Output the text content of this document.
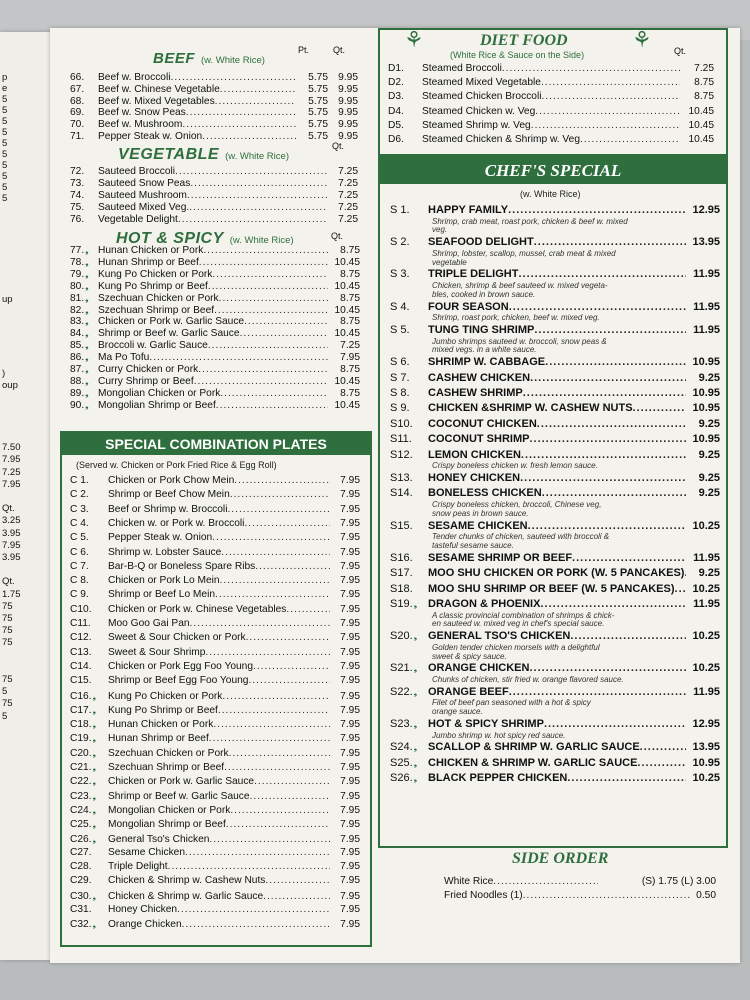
p
e
5
5
5
5
5
5
5
5
5
5
up
)
oup
7.50
7.95
7.25
7.95
Qt.
3.25
3.95
7.95
3.95
Qt.
1.75
75
75
75
75
75
5
75
5
BEEF (w. White Rice)
Pt.	Qt.
66.	Beef w. Broccoli .....	5.75 9.95
67.	Beef w. Chinese Vegetable .....	5.75 9.95
68.	Beef w. Mixed Vegetables .....	5.75 9.95
69.	Beef w. Snow Peas .....	5.75 9.95
70.	Beef w. Mushroom .....	5.75 9.95
71.	Pepper Steak w. Onion .....	5.75 9.95
VEGETABLE (w. White Rice)
Qt.
72.	Sauteed Broccoli .....	7.25
73.	Sauteed Snow Peas .....	7.25
74.	Sauteed Mushroom .....	7.25
75.	Sauteed Mixed Veg. .....	7.25
76.	Vegetable Delight .....	7.25
HOT & SPICY (w. White Rice)	Qt.
77.❟ Hunan Chicken or Pork .....	8.75
78.❟ Hunan Shrimp or Beef .....	10.45
79.❟ Kung Po Chicken or Pork .....	8.75
80.❟ Kung Po Shrimp or Beef .....	10.45
81.❟ Szechuan Chicken or Pork .....	8.75
82.❟ Szechuan Shrimp or Beef .....	10.45
83.❟ Chicken or Pork w. Garlic Sauce .....	8.75
84.❟ Shrimp or Beef w. Garlic Sauce .....	10.45
85.❟ Broccoli w. Garlic Sauce .....	7.25
86.❟ Ma Po Tofu .....	7.95
87.❟ Curry Chicken or Pork .....	8.75
88.❟ Curry Shrimp or Beef .....	10.45
89.❟ Mongolian Chicken or Pork .....	8.75
90.❟ Mongolian Shrimp or Beef .....	10.45
SPECIAL COMBINATION PLATES
(Served w. Chicken or Pork Fried Rice & Egg Roll)
C 1.	Chicken or Pork Chow Mein .....	7.95
C 2.	Shrimp or Beef Chow Mein .....	7.95
C 3.	Beef or Shrimp w. Broccoli .....	7.95
C 4.	Chicken w. or Pork w. Broccoli .....	7.95
C 5.	Pepper Steak w. Onion .....	7.95
C 6.	Shrimp w. Lobster Sauce .....	7.95
C 7.	Bar-B-Q or Boneless Spare Ribs .....	7.95
C 8.	Chicken or Pork Lo Mein .....	7.95
C 9.	Shrimp or Beef Lo Mein .....	7.95
C10.	Chicken or Pork w. Chinese Vegetables .....	7.95
C11.	Moo Goo Gai Pan .....	7.95
C12.	Sweet & Sour Chicken or Pork .....	7.95
C13.	Sweet & Sour Shrimp .....	7.95
C14.	Chicken or Pork Egg Foo Young .....	7.95
C15.	Shrimp or Beef Egg Foo Young .....	7.95
C16.❟	Kung Po Chicken or Pork .....	7.95
C17.❟	Kung Po Shrimp or Beef .....	7.95
C18.❟	Hunan Chicken or Pork .....	7.95
C19.❟	Hunan Shrimp or Beef .....	7.95
C20.❟	Szechuan Chicken or Pork .....	7.95
C21.❟	Szechuan Shrimp or Beef .....	7.95
C22.❟	Chicken or Pork w. Garlic Sauce .....	7.95
C23.❟	Shrimp or Beef w. Garlic Sauce .....	7.95
C24.❟	Mongolian Chicken or Pork .....	7.95
C25.❟	Mongolian Shrimp or Beef .....	7.95
C26.❟	General Tso's Chicken .....	7.95
C27.	Sesame Chicken .....	7.95
C28.	Triple Delight .....	7.95
C29.	Chicken & Shrimp w. Cashew Nuts .....	7.95
C30.❟	Chicken & Shrimp w. Garlic Sauce .....	7.95
C31.	Honey Chicken .....	7.95
C32.❟	Orange Chicken .....	7.95
DIET FOOD
(White Rice & Sauce on the Side)	Qt.
⚘	⚘
D1.	Steamed Broccoli .....	7.25
D2.	Steamed Mixed Vegetable .....	8.75
D3.	Steamed Chicken Broccoli .....	8.75
D4.	Steamed Chicken w. Veg .....	10.45
D5.	Steamed Shrimp w. Veg .....	10.45
D6.	Steamed Chicken & Shrimp w. Veg .....	10.45
CHEF'S SPECIAL
(w. White Rice)
S 1.	HAPPY FAMILY .....	12.95
Shrimp, crab meat, roast pork, chicken & beef w. mixed
veg.
S 2.	SEAFOOD DELIGHT .....	13.95
Shrimp, lobster, scallop, mussel, crab meat & mixed
vegetable
S 3.	TRIPLE DELIGHT .....	11.95
Chicken, shrimp & beef sauteed w. mixed vegeta-
bles, cooked in brown sauce.
S 4.	FOUR SEASON .....	11.95
Shrimp, roast pork, chicken, beef w. mixed veg.
S 5.	TUNG TING SHRIMP .....	11.95
Jumbo shrimps sauteed w. broccoli, snow peas &
mixed vegs. in a white sauce.
S 6.	SHRIMP W. CABBAGE .....	10.95
S 7.	CASHEW CHICKEN .....	9.25
S 8.	CASHEW SHRIMP .....	10.95
S 9.	CHICKEN &SHRIMP W. CASHEW NUTS .....	10.95
S10.	COCONUT CHICKEN .....	9.25
S11.	COCONUT SHRIMP .....	10.95
S12.	LEMON CHICKEN .....	9.25
Crispy boneless chicken w. fresh lemon sauce.
S13.	HONEY CHICKEN .....	9.25
S14.	BONELESS CHICKEN .....	9.25
Crispy boneless chicken, broccoli, Chinese veg,
snow peas in brown sauce.
S15.	SESAME CHICKEN .....	10.25
Tender chunks of chicken, sauteed with broccoli &
tasteful sesame sauce.
S16.	SESAME SHRIMP OR BEEF .....	11.95
S17.	MOO SHU CHICKEN OR PORK (W. 5 PANCAKES) .....	9.25
S18.	MOO SHU SHRIMP OR BEEF (W. 5 PANCAKES) .....	10.25
S19.❟ DRAGON & PHOENIX .....	11.95
A classic provincial combination of shrimps & chick-
en sauteed w. mixed veg in chef's special sauce.
S20.❟ GENERAL TSO'S CHICKEN .....	10.25
Golden tender chicken morsels with a delightful
sweet & spicy sauce.
S21.❟ ORANGE CHICKEN .....	10.25
Chunks of chicken, stir fried w. orange flavored sauce.
S22.❟ ORANGE BEEF .....	11.95
Filet of beef pan seasoned with a hot & spicy
orange sauce.
S23.❟ HOT & SPICY SHRIMP .....	12.95
Jumbo shrimp w. hot spicy red sauce.
S24.❟ SCALLOP & SHRIMP W. GARLIC SAUCE .....	13.95
S25.❟ CHICKEN & SHRIMP W. GARLIC SAUCE .....	10.95
S26.❟ BLACK PEPPER CHICKEN .....	10.25
SIDE ORDER
White Rice .....	(S) 1.75 (L) 3.00
Fried Noodles (1) .....	0.50
